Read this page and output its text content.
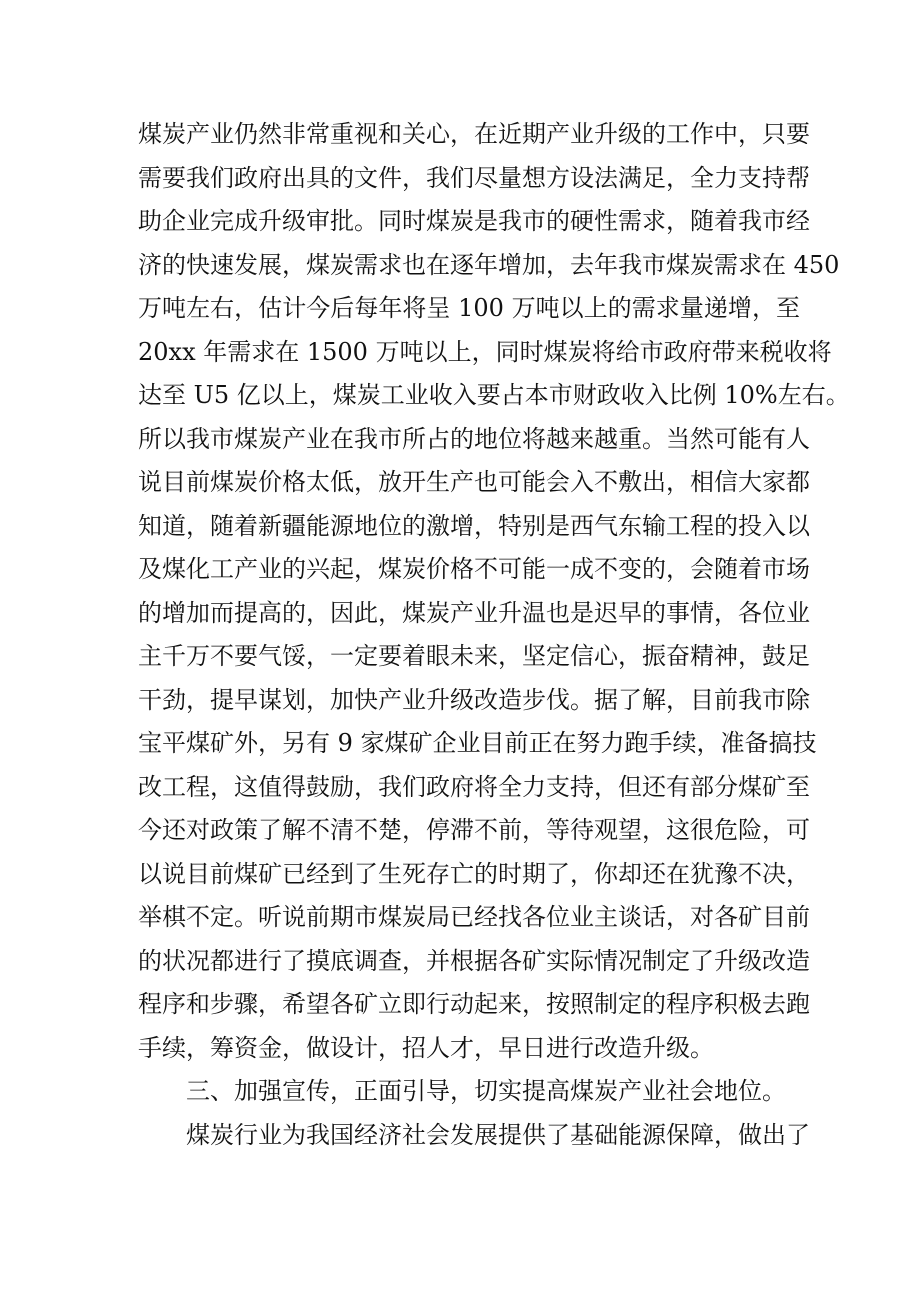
煤炭产业仍然非常重视和关心，在近期产业升级的工作中，只要
需要我们政府出具的文件，我们尽量想方设法满足，全力支持帮
助企业完成升级审批。同时煤炭是我市的硬性需求，随着我市经
济的快速发展，煤炭需求也在逐年增加，去年我市煤炭需求在 450
万吨左右，估计今后每年将呈 100 万吨以上的需求量递增，至
20xx 年需求在 1500 万吨以上，同时煤炭将给市政府带来税收将
达至 U5 亿以上，煤炭工业收入要占本市财政收入比例 10%左右。
所以我市煤炭产业在我市所占的地位将越来越重。当然可能有人
说目前煤炭价格太低，放开生产也可能会入不敷出，相信大家都
知道，随着新疆能源地位的激增，特别是西气东输工程的投入以
及煤化工产业的兴起，煤炭价格不可能一成不变的，会随着市场
的增加而提高的，因此，煤炭产业升温也是迟早的事情，各位业
主千万不要气馁，一定要着眼未来，坚定信心，振奋精神，鼓足
干劲，提早谋划，加快产业升级改造步伐。据了解，目前我市除
宝平煤矿外，另有 9 家煤矿企业目前正在努力跑手续，准备搞技
改工程，这值得鼓励，我们政府将全力支持，但还有部分煤矿至
今还对政策了解不清不楚，停滞不前，等待观望，这很危险，可
以说目前煤矿已经到了生死存亡的时期了，你却还在犹豫不决，
举棋不定。听说前期市煤炭局已经找各位业主谈话，对各矿目前
的状况都进行了摸底调查，并根据各矿实际情况制定了升级改造
程序和步骤，希望各矿立即行动起来，按照制定的程序积极去跑
手续，筹资金，做设计，招人才，早日进行改造升级。
三、加强宣传，正面引导，切实提高煤炭产业社会地位。
煤炭行业为我国经济社会发展提供了基础能源保障，做出了
